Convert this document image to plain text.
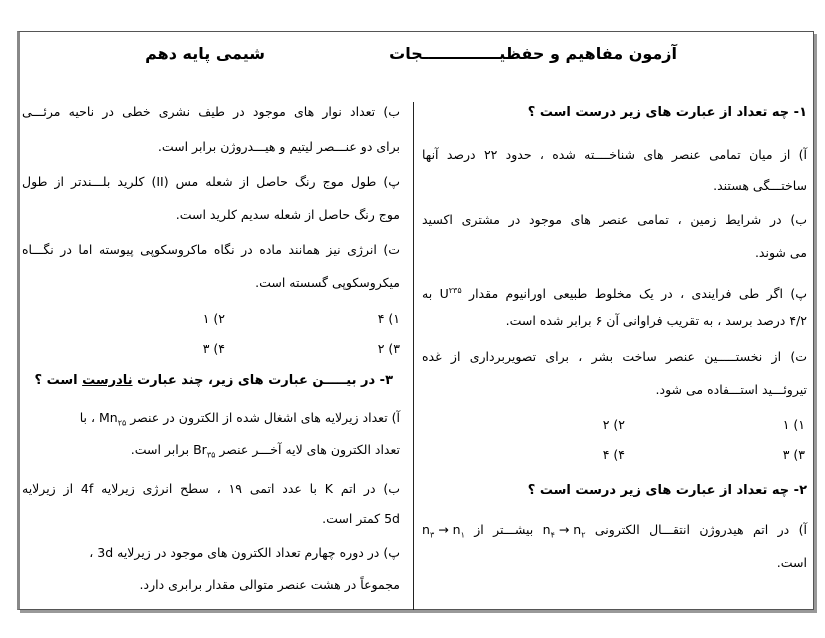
آزمون مفاهیم و حفظیــــــــــــــجات
شیمی پایه دهم
۱- چه تعداد از عبارت های زیر درست است ؟
آ) از میان تمامی عنصر های شناخــــته شده ، حدود ۲۲ درصد آنها
ساختـــگی هستند.
ب) در شرایط زمین ، تمامی عنصر های موجود در مشتری اکسید
می شوند.
پ) اگر طی فرایندی ، در یک مخلوط طبیعی اورانیوم مقدار $U^{۲۳۵}$ به
۴/۲ درصد برسد ، به تقریب فراوانی آن ۶ برابر شده است.
ت) از نخستـــــین عنصر ساخت بشر ، برای تصویربرداری از غده
تیروئـــید استـــفاده می شود.
۱) ۱
۲) ۲
۳) ۳
۴) ۴
۲- چه تعداد از عبارت های زیر درست است ؟
آ) در اتم هیدروژن انتقـــال الکترونی $n_۴ \to n_۲$ بیشـــتر از $n_۳ \to n_۱$
است.
ب) تعداد نوار های موجود در طیف نشری خطی در ناحیه مرئـــی
برای دو عنـــصر لیتیم و هیـــدروژن برابر است.
پ) طول موج رنگ حاصل از شعله مس (II) کلرید بلـــندتر از طول
موج رنگ حاصل از شعله سدیم کلرید است.
ت) انرژی نیز همانند ماده در نگاه ماکروسکوپی پیوسته اما در نگـــاه
میکروسکوپی گسسته است.
۱) ۴
۲) ۱
۳) ۲
۴) ۳
۳- در بیـــــن عبارت های زیر، چند عبارت نادرست است ؟
آ) تعداد زیرلایه های اشغال شده از الکترون در عنصر $Mn_{۲۵}$ ، با
تعداد الکترون های لایه آخـــر عنصر $Br_{۳۵}$ برابر است.
ب) در اتم K با عدد اتمی ۱۹ ، سطح انرژی زیرلایه 4f از زیرلایه
5d کمتر است.
پ) در دوره چهارم تعداد الکترون های موجود در زیرلایه 3d ،
مجموعاً در هشت عنصر متوالی مقدار برابری دارد.
